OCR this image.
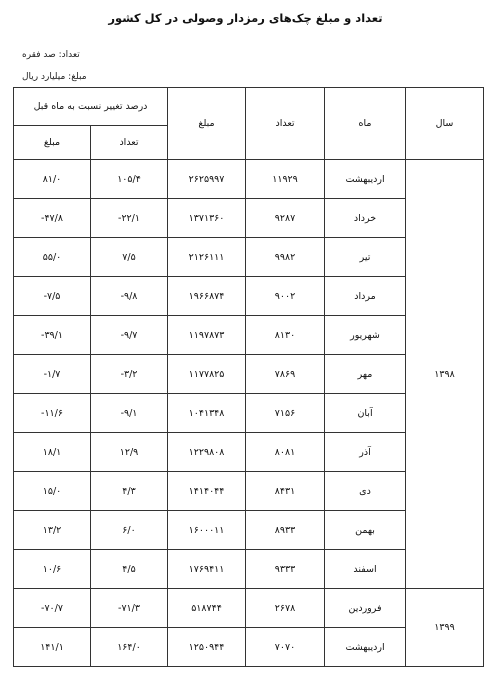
تعداد و مبلغ چک‌های رمزدار وصولی در کل کشور
تعداد: صد فقره
مبلغ: میلیارد ریال
درصد تغییر نسبت به ماه قبل		مبلغ	تعداد	ماه	سال
مبلغ	تعداد				
۸۱/۰	۱۰۵/۴	۲۶۲۵۹۹۷	۱۱۹۲۹	اردیبهشت	۱۳۹۸
-۴۷/۸	-۲۲/۱	۱۳۷۱۳۶۰	۹۲۸۷	خرداد	
۵۵/۰	۷/۵	۲۱۲۶۱۱۱	۹۹۸۲	تیر	
-۷/۵	-۹/۸	۱۹۶۶۸۷۴	۹۰۰۲	مرداد	
-۳۹/۱	-۹/۷	۱۱۹۷۸۷۳	۸۱۳۰	شهریور	
-۱/۷	-۳/۲	۱۱۷۷۸۲۵	۷۸۶۹	مهر	
-۱۱/۶	-۹/۱	۱۰۴۱۳۴۸	۷۱۵۶	آبان	
۱۸/۱	۱۲/۹	۱۲۲۹۸۰۸	۸۰۸۱	آذر	
۱۵/۰	۴/۳	۱۴۱۴۰۴۴	۸۴۳۱	دی	
۱۳/۲	۶/۰	۱۶۰۰۰۱۱	۸۹۳۳	بهمن	
۱۰/۶	۴/۵	۱۷۶۹۴۱۱	۹۳۳۳	اسفند	
-۷۰/۷	-۷۱/۳	۵۱۸۷۴۴	۲۶۷۸	فروردین	۱۳۹۹
۱۴۱/۱	۱۶۴/۰	۱۲۵۰۹۴۴	۷۰۷۰	اردیبهشت	
